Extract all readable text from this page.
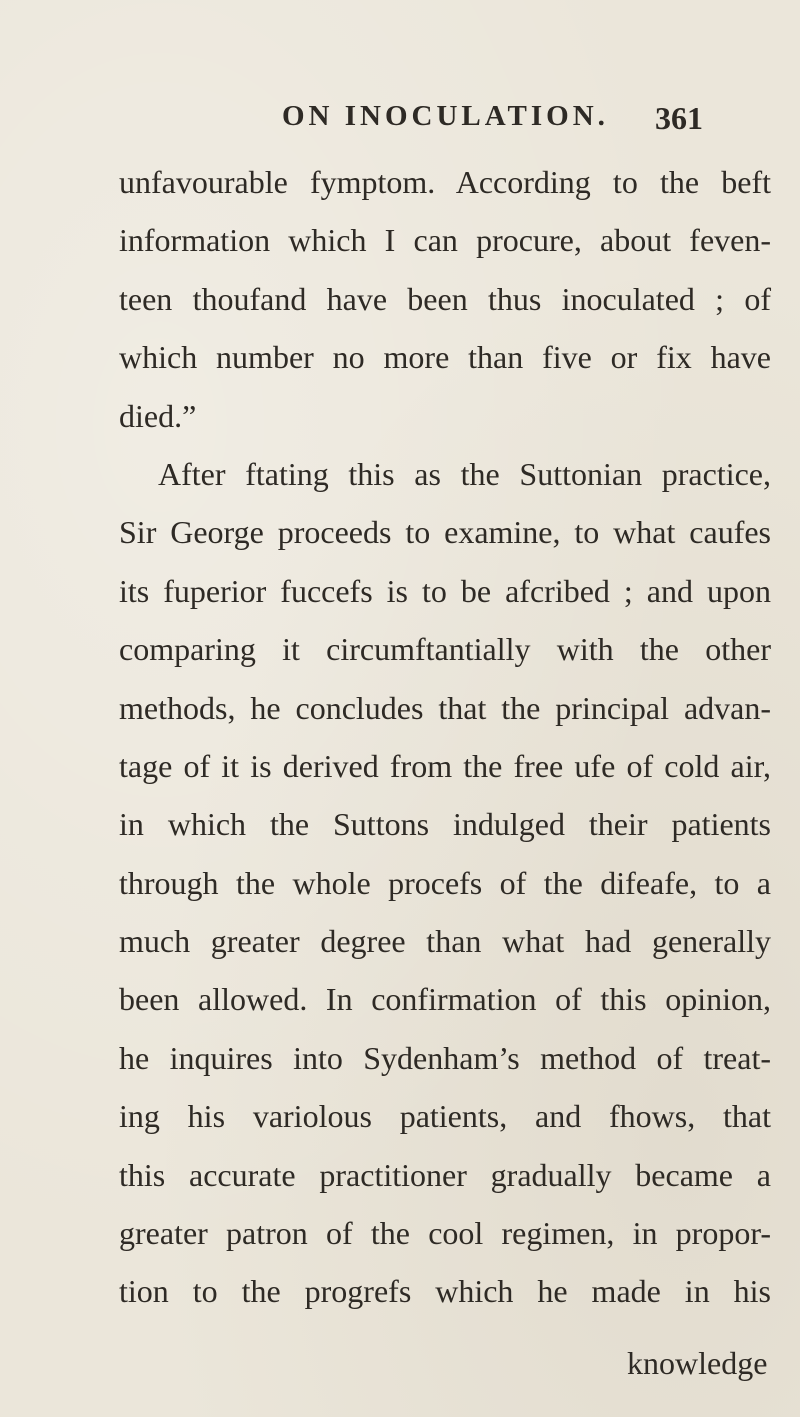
ON INOCULATION. 361
unfavourable fymptom. According to the beft
information which I can procure, about feven-
teen thoufand have been thus inoculated ; of
which number no more than five or fix have
died.”
After ftating this as the Suttonian practice,
Sir George proceeds to examine, to what caufes
its fuperior fuccefs is to be afcribed ; and upon
comparing it circumftantially with the other
methods, he concludes that the principal advan-
tage of it is derived from the free ufe of cold air,
in which the Suttons indulged their patients
through the whole procefs of the difeafe, to a
much greater degree than what had generally
been allowed. In confirmation of this opinion,
he inquires into Sydenham’s method of treat-
ing his variolous patients, and fhows, that
this accurate practitioner gradually became a
greater patron of the cool regimen, in propor-
tion to the progrefs which he made in his
knowledge
